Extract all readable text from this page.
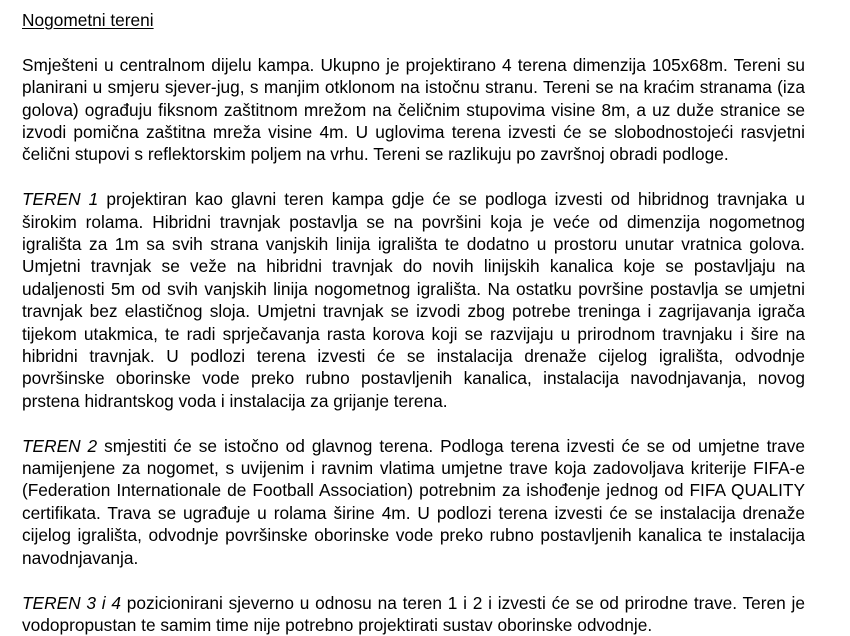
Nogometni tereni

Smješteni u centralnom dijelu kampa. Ukupno je projektirano 4 terena dimenzija 105x68m. Tereni su planirani u smjeru sjever-jug, s manjim otklonom na istočnu stranu. Tereni se na kraćim stranama (iza golova) ograđuju fiksnom zaštitnom mrežom na čeličnim stupovima visine 8m, a uz duže stranice se izvodi pomična zaštitna mreža visine 4m. U uglovima terena izvesti će se slobodnostojeći rasvjetni čelični stupovi s reflektorskim poljem na vrhu. Tereni se razlikuju po završnoj obradi podloge.

TEREN 1 projektiran kao glavni teren kampa gdje će se podloga izvesti od hibridnog travnjaka u širokim rolama. Hibridni travnjak postavlja se na površini koja je veće od dimenzija nogometnog igrališta za 1m sa svih strana vanjskih linija igrališta te dodatno u prostoru unutar vratnica golova. Umjetni travnjak se veže na hibridni travnjak do novih linijskih kanalica koje se postavljaju na udaljenosti 5m od svih vanjskih linija nogometnog igrališta. Na ostatku površine postavlja se umjetni travnjak bez elastičnog sloja. Umjetni travnjak se izvodi zbog potrebe treninga i zagrijavanja igrača tijekom utakmica, te radi sprječavanja rasta korova koji se razvijaju u prirodnom travnjaku i šire na hibridni travnjak. U podlozi terena izvesti će se instalacija drenaže cijelog igrališta, odvodnje površinske oborinske vode preko rubno postavljenih kanalica, instalacija navodnjavanja, novog prstena hidrantskog voda i instalacija za grijanje terena.

TEREN 2 smjestiti će se istočno od glavnog terena. Podloga terena izvesti će se od umjetne trave namijenjene za nogomet, s uvijenim i ravnim vlatima umjetne trave koja zadovoljava kriterije FIFA-e (Federation Internationale de Football Association) potrebnim za ishođenje jednog od FIFA QUALITY certifikata. Trava se ugrađuje u rolama širine 4m. U podlozi terena izvesti će se instalacija drenaže cijelog igrališta, odvodnje površinske oborinske vode preko rubno postavljenih kanalica te instalacija navodnjavanja.

TEREN 3 i 4 pozicionirani sjeverno u odnosu na teren 1 i 2 i izvesti će se od prirodne trave. Teren je vodopropustan te samim time nije potrebno projektirati sustav oborinske odvodnje.
